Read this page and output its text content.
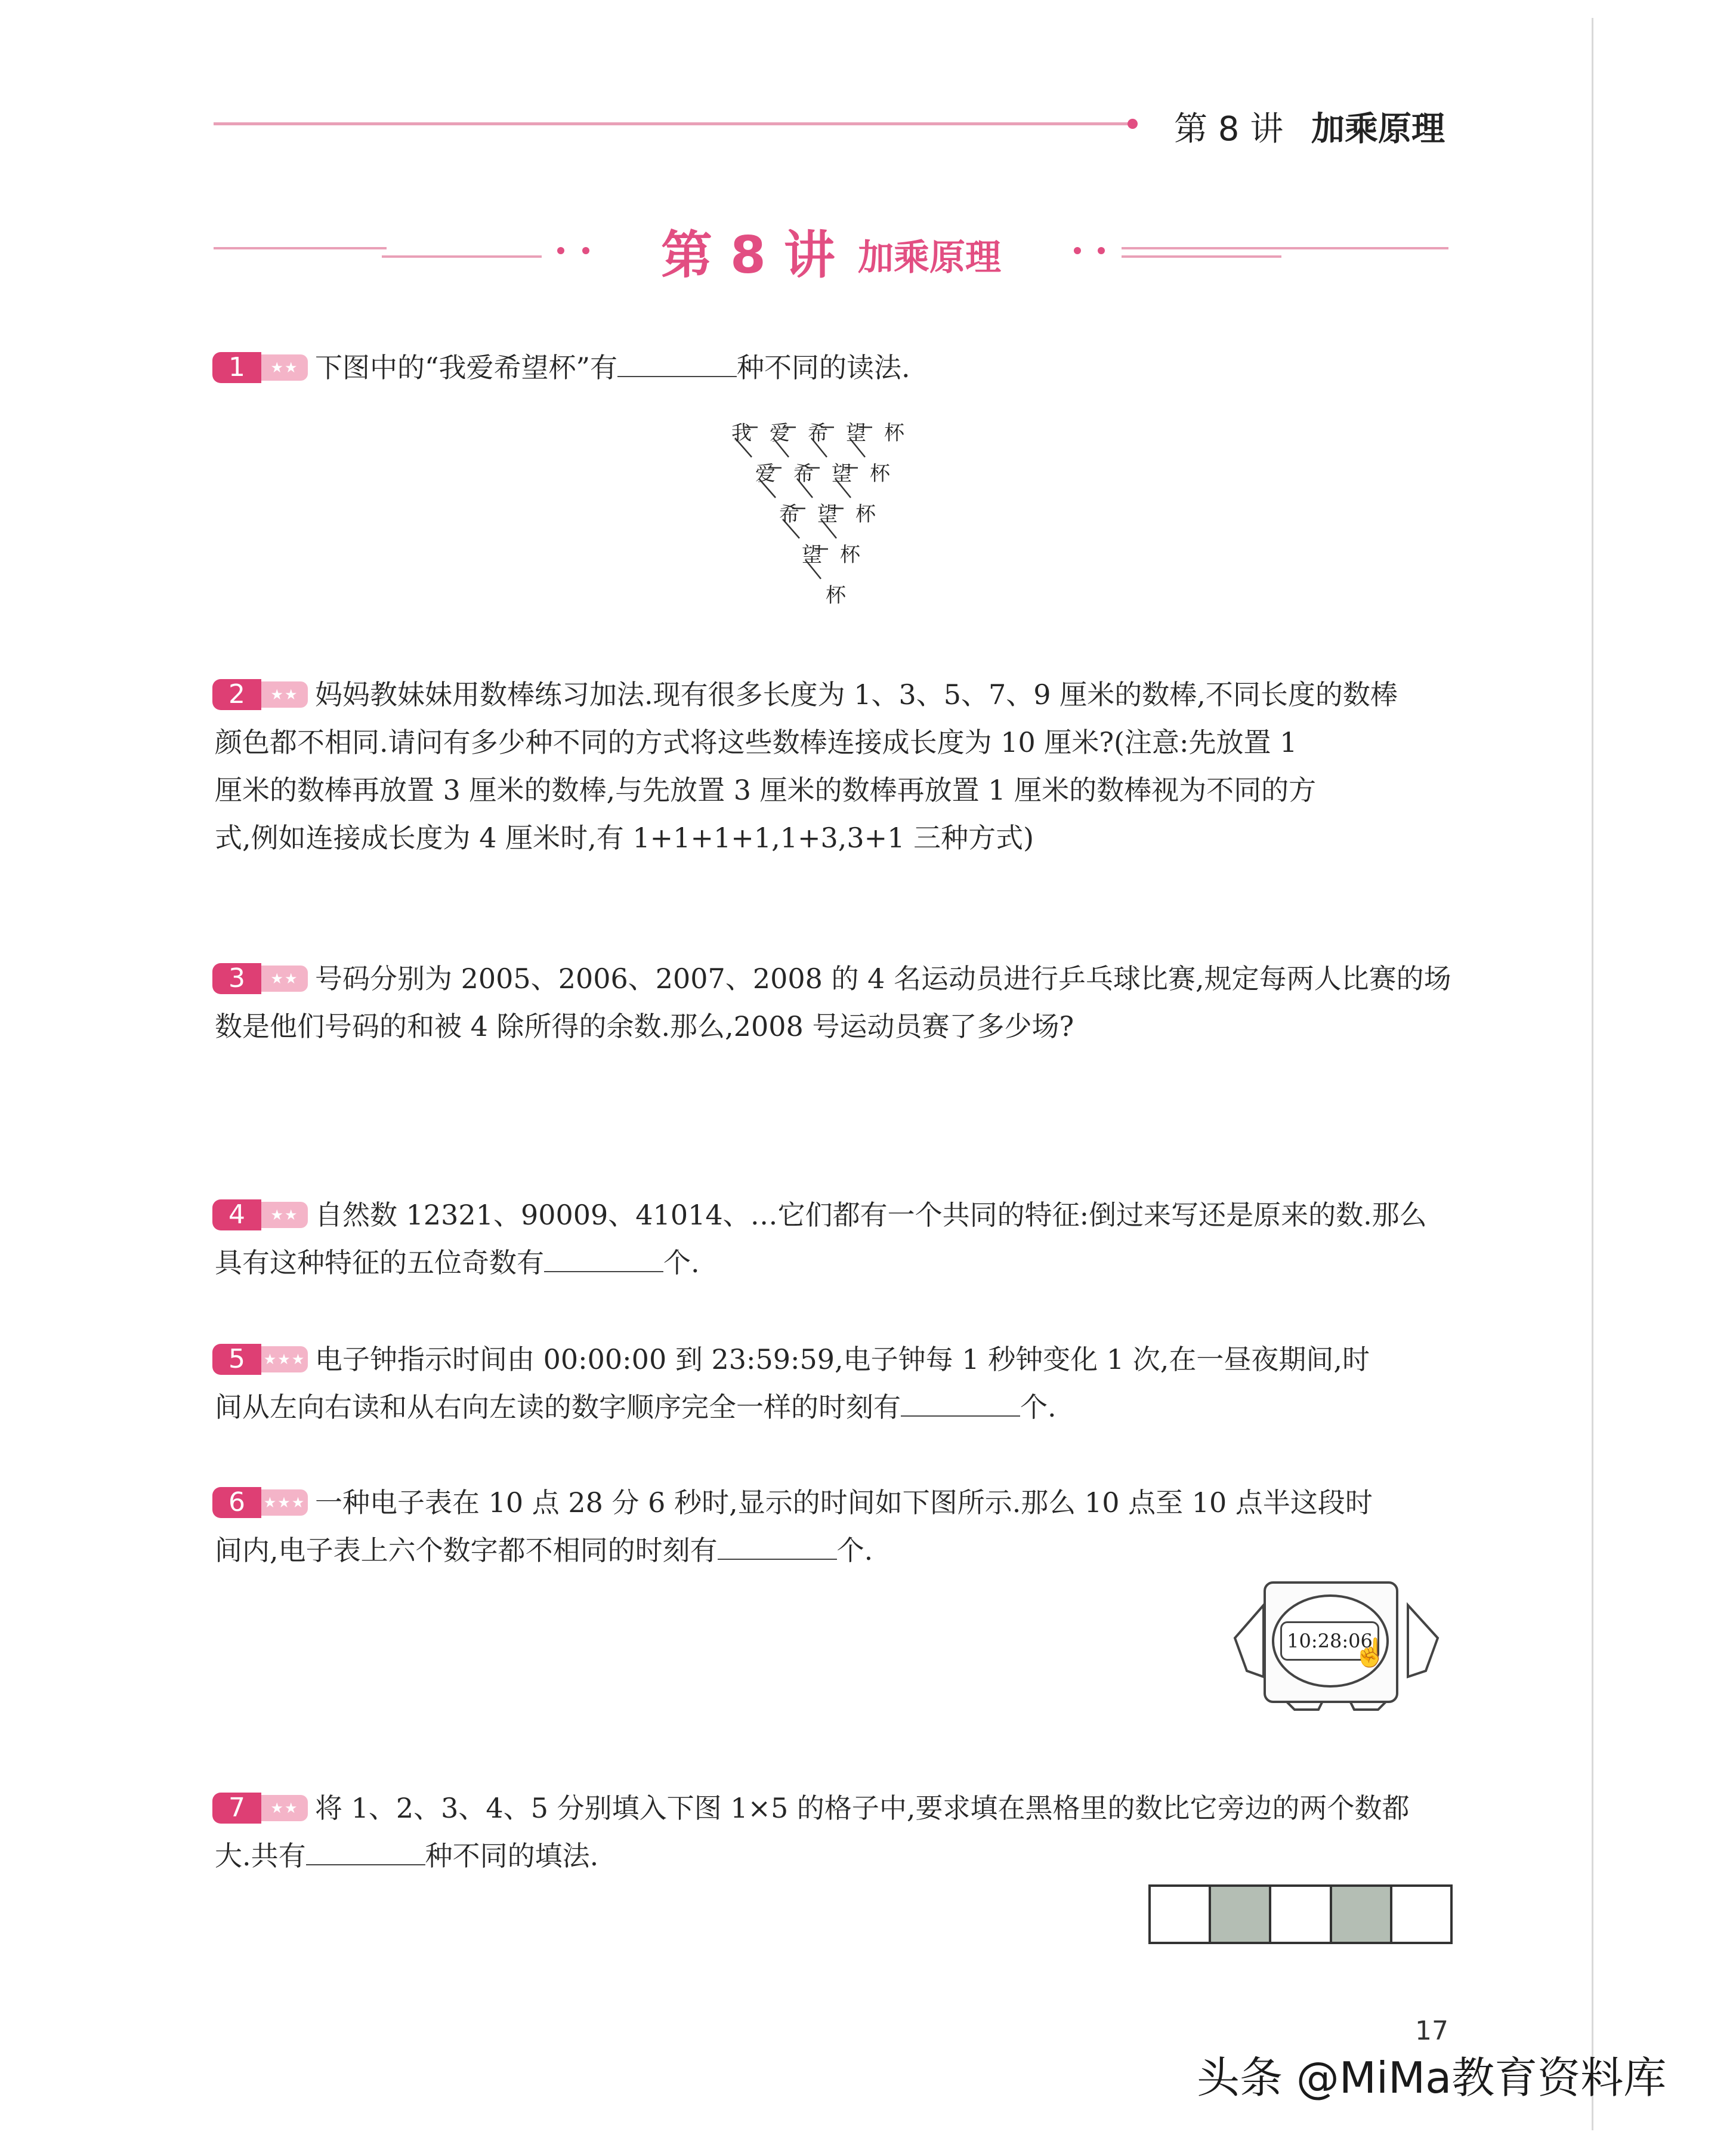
第 8 讲 加乘原理
第 8 讲 加乘原理
1	★★ 下图中的“我爱希望杯”有	种不同的读法.
我 爱 希 望 杯
爱 希 望 杯
希 望 杯
望 杯
杯
2	★★ 妈妈教妹妹用数棒练习加法.现有很多长度为 1、3、5、7、9 厘米的数棒,不同长度的数棒
颜色都不相同.请问有多少种不同的方式将这些数棒连接成长度为 10 厘米?(注意:先放置 1
厘米的数棒再放置 3 厘米的数棒,与先放置 3 厘米的数棒再放置 1 厘米的数棒视为不同的方
式,例如连接成长度为 4 厘米时,有 1+1+1+1,1+3,3+1 三种方式)
3	★★ 号码分别为 2005、2006、2007、2008 的 4 名运动员进行乒乓球比赛,规定每两人比赛的场
数是他们号码的和被 4 除所得的余数.那么,2008 号运动员赛了多少场?
4	★★ 自然数 12321、90009、41014、…它们都有一个共同的特征:倒过来写还是原来的数.那么
具有这种特征的五位奇数有	个.
5	★★★ 电子钟指示时间由 00:00:00 到 23:59:59,电子钟每 1 秒钟变化 1 次,在一昼夜期间,时
间从左向右读和从右向左读的数字顺序完全一样的时刻有	个.
6	★★★ 一种电子表在 10 点 28 分 6 秒时,显示的时间如下图所示.那么 10 点至 10 点半这段时
间内,电子表上六个数字都不相同的时刻有	个.
10:28:06
☝
7	★★ 将 1、2、3、4、5 分别填入下图 1×5 的格子中,要求填在黑格里的数比它旁边的两个数都
大.共有	种不同的填法.
17
头条 @MiMa教育资料库
